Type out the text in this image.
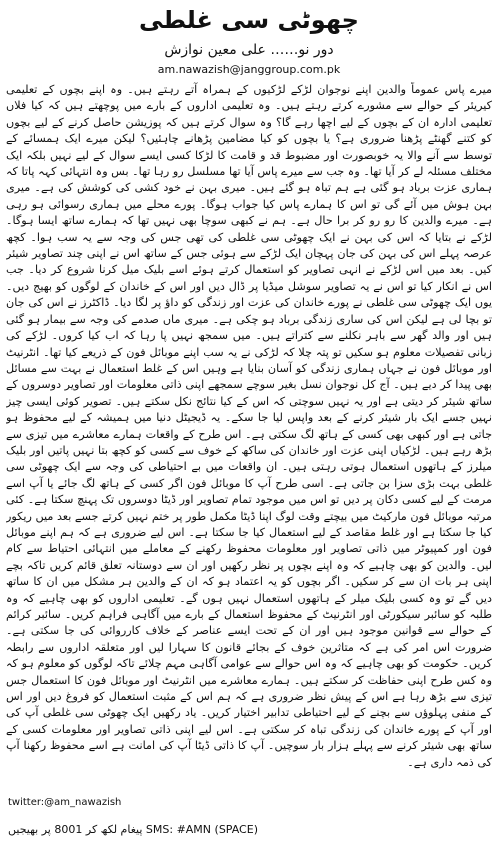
چھوٹی سی غلطی
دور نو…… علی معین نوازش
am.nawazish@janggroup.com.pk
میرے پاس عموماً والدین اپنے نوجوان لڑکے لڑکیوں کے ہمراہ آتے رہتے ہیں۔ وہ اپنے بچوں کے تعلیمی کیریئر کے حوالے سے مشورے کرتے رہتے ہیں۔ وہ تعلیمی اداروں کے بارے میں پوچھتے ہیں کہ کیا فلاں تعلیمی ادارہ ان کے بچوں کے لیے اچھا رہے گا؟ وہ سوال کرتے ہیں کہ پوزیشن حاصل کرنے کے لیے بچوں کو کتنے گھنٹے پڑھنا ضروری ہے؟ یا بچوں کو کیا مضامین پڑھانے چاہئیں؟ لیکن میرے ایک ہمسائے کے توسط سے آنے والا یہ خوبصورت اور مضبوط قد و قامت کا لڑکا کسی ایسے سوال کے لیے نہیں بلکہ ایک مختلف مسئلہ لے کر آیا تھا۔ وہ جب سے میرے پاس آیا تھا مسلسل رو رہا تھا۔ بس وہ انتہائی کہہ پاتا کہ ہماری عزت برباد ہو گئی ہے ہم تباہ ہو گئے ہیں۔ میری بہن نے خود کشی کی کوشش کی ہے۔ میری بہن ہوش میں آئے گی تو اس کا ہمارے پاس کیا جواب ہوگا۔ پورے محلے میں ہماری رسوائی ہو رہی ہے۔ میرے والدین کا رو رو کر برا حال ہے۔ ہم نے کبھی سوچا بھی نہیں تھا کہ ہمارے ساتھ ایسا ہوگا۔ لڑکے نے بتایا کہ اس کی بہن نے ایک چھوٹی سی غلطی کی تھی جس کی وجہ سے یہ سب ہوا۔ کچھ عرصہ پہلے اس کی بہن کی جان پہچان ایک لڑکے سے ہوئی جس کے ساتھ اس نے اپنی چند تصاویر شیئر کیں۔ بعد میں اس لڑکے نے انہی تصاویر کو استعمال کرتے ہوئے اسے بلیک میل کرنا شروع کر دیا۔ جب اس نے انکار کیا تو اس نے یہ تصاویر سوشل میڈیا پر ڈال دیں اور اس کے خاندان کے لوگوں کو بھیج دیں۔ یوں ایک چھوٹی سی غلطی نے پورے خاندان کی عزت اور زندگی کو داؤ پر لگا دیا۔ ڈاکٹرز نے اس کی جان تو بچا لی ہے لیکن اس کی ساری زندگی برباد ہو چکی ہے۔ میری ماں صدمے کی وجہ سے بیمار ہو گئی ہیں اور والد گھر سے باہر نکلنے سے کتراتے ہیں۔ میں سمجھ نہیں پا رہا کہ اب کیا کروں۔ لڑکے کی زبانی تفصیلات معلوم ہو سکیں تو پتہ چلا کہ لڑکی نے یہ سب اپنے موبائل فون کے ذریعے کیا تھا۔ انٹرنیٹ اور موبائل فون نے جہاں ہماری زندگی کو آسان بنایا ہے وہیں اس کے غلط استعمال نے بہت سے مسائل بھی پیدا کر دیے ہیں۔ آج کل نوجوان نسل بغیر سوچے سمجھے اپنی ذاتی معلومات اور تصاویر دوسروں کے ساتھ شیئر کر دیتی ہے اور یہ نہیں سوچتی کہ اس کے کیا نتائج نکل سکتے ہیں۔ تصویر کوئی ایسی چیز نہیں جسے ایک بار شیئر کرنے کے بعد واپس لیا جا سکے۔ یہ ڈیجیٹل دنیا میں ہمیشہ کے لیے محفوظ ہو جاتی ہے اور کبھی بھی کسی کے ہاتھ لگ سکتی ہے۔ اس طرح کے واقعات ہمارے معاشرے میں تیزی سے بڑھ رہے ہیں۔ لڑکیاں اپنی عزت اور خاندان کی ساکھ کے خوف سے کسی کو کچھ بتا نہیں پاتیں اور بلیک میلرز کے ہاتھوں استعمال ہوتی رہتی ہیں۔ ان واقعات میں بے احتیاطی کی وجہ سے ایک چھوٹی سی غلطی بہت بڑی سزا بن جاتی ہے۔ اسی طرح آپ کا موبائل فون اگر کسی کے ہاتھ لگ جائے یا آپ اسے مرمت کے لیے کسی دکان پر دیں تو اس میں موجود تمام تصاویر اور ڈیٹا دوسروں تک پہنچ سکتا ہے۔ کئی مرتبہ موبائل فون مارکیٹ میں بیچتے وقت لوگ اپنا ڈیٹا مکمل طور پر ختم نہیں کرتے جسے بعد میں ریکور کیا جا سکتا ہے اور غلط مقاصد کے لیے استعمال کیا جا سکتا ہے۔ اس لیے ضروری ہے کہ ہم اپنے موبائل فون اور کمپیوٹر میں ذاتی تصاویر اور معلومات محفوظ رکھنے کے معاملے میں انتہائی احتیاط سے کام لیں۔ والدین کو بھی چاہیے کہ وہ اپنے بچوں پر نظر رکھیں اور ان سے دوستانہ تعلق قائم کریں تاکہ بچے اپنی ہر بات ان سے کر سکیں۔ اگر بچوں کو یہ اعتماد ہو کہ ان کے والدین ہر مشکل میں ان کا ساتھ دیں گے تو وہ کسی بلیک میلر کے ہاتھوں استعمال نہیں ہوں گے۔ تعلیمی اداروں کو بھی چاہیے کہ وہ طلبہ کو سائبر سیکورٹی اور انٹرنیٹ کے محفوظ استعمال کے بارے میں آگاہی فراہم کریں۔ سائبر کرائم کے حوالے سے قوانین موجود ہیں اور ان کے تحت ایسے عناصر کے خلاف کارروائی کی جا سکتی ہے۔ ضرورت اس امر کی ہے کہ متاثرین خوف کے بجائے قانون کا سہارا لیں اور متعلقہ اداروں سے رابطہ کریں۔ حکومت کو بھی چاہیے کہ وہ اس حوالے سے عوامی آگاہی مہم چلائے تاکہ لوگوں کو معلوم ہو کہ وہ کس طرح اپنی حفاظت کر سکتے ہیں۔ ہمارے معاشرے میں انٹرنیٹ اور موبائل فون کا استعمال جس تیزی سے بڑھ رہا ہے اس کے پیش نظر ضروری ہے کہ ہم اس کے مثبت استعمال کو فروغ دیں اور اس کے منفی پہلوؤں سے بچنے کے لیے احتیاطی تدابیر اختیار کریں۔ یاد رکھیں ایک چھوٹی سی غلطی آپ کی اور آپ کے پورے خاندان کی زندگی تباہ کر سکتی ہے۔ اس لیے اپنی ذاتی تصاویر اور معلومات کسی کے ساتھ بھی شیئر کرنے سے پہلے ہزار بار سوچیں۔ آپ کا ذاتی ڈیٹا آپ کی امانت ہے اسے محفوظ رکھنا آپ کی ذمہ داری ہے۔
twitter:@am_nawazish
SMS: #AMN (SPACE) پیغام لکھ کر 8001 پر بھیجیں
